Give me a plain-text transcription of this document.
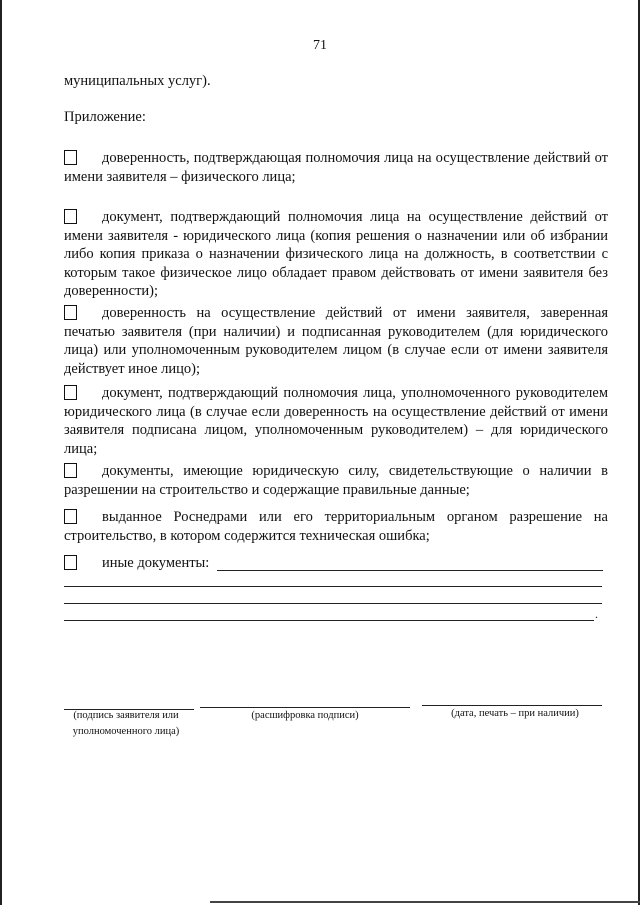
71
муниципальных услуг).
Приложение:
доверенность, подтверждающая полномочия лица на осуществление действий от имени заявителя – физического лица;
документ, подтверждающий полномочия лица на осуществление действий от имени заявителя - юридического лица (копия решения о назначении или об избрании либо копия приказа о назначении физического лица на должность, в соответствии с которым такое физическое лицо обладает правом действовать от имени заявителя без доверенности);
доверенность на осуществление действий от имени заявителя, заверенная печатью заявителя (при наличии) и подписанная руководителем (для юридического лица) или уполномоченным руководителем лицом (в случае если от имени заявителя действует иное лицо);
документ, подтверждающий полномочия лица, уполномоченного руководителем юридического лица (в случае если доверенность на осуществление действий от имени заявителя подписана лицом, уполномоченным руководителем) – для юридического лица;
документы, имеющие юридическую силу, свидетельствующие о наличии в разрешении на строительство и содержащие правильные данные;
выданное Роснедрами или его территориальным органом разрешение на строительство, в котором содержится техническая ошибка;
иные документы:
.
(подпись заявителя или уполномоченного лица)
(расшифровка подписи)	(дата, печать – при наличии)
